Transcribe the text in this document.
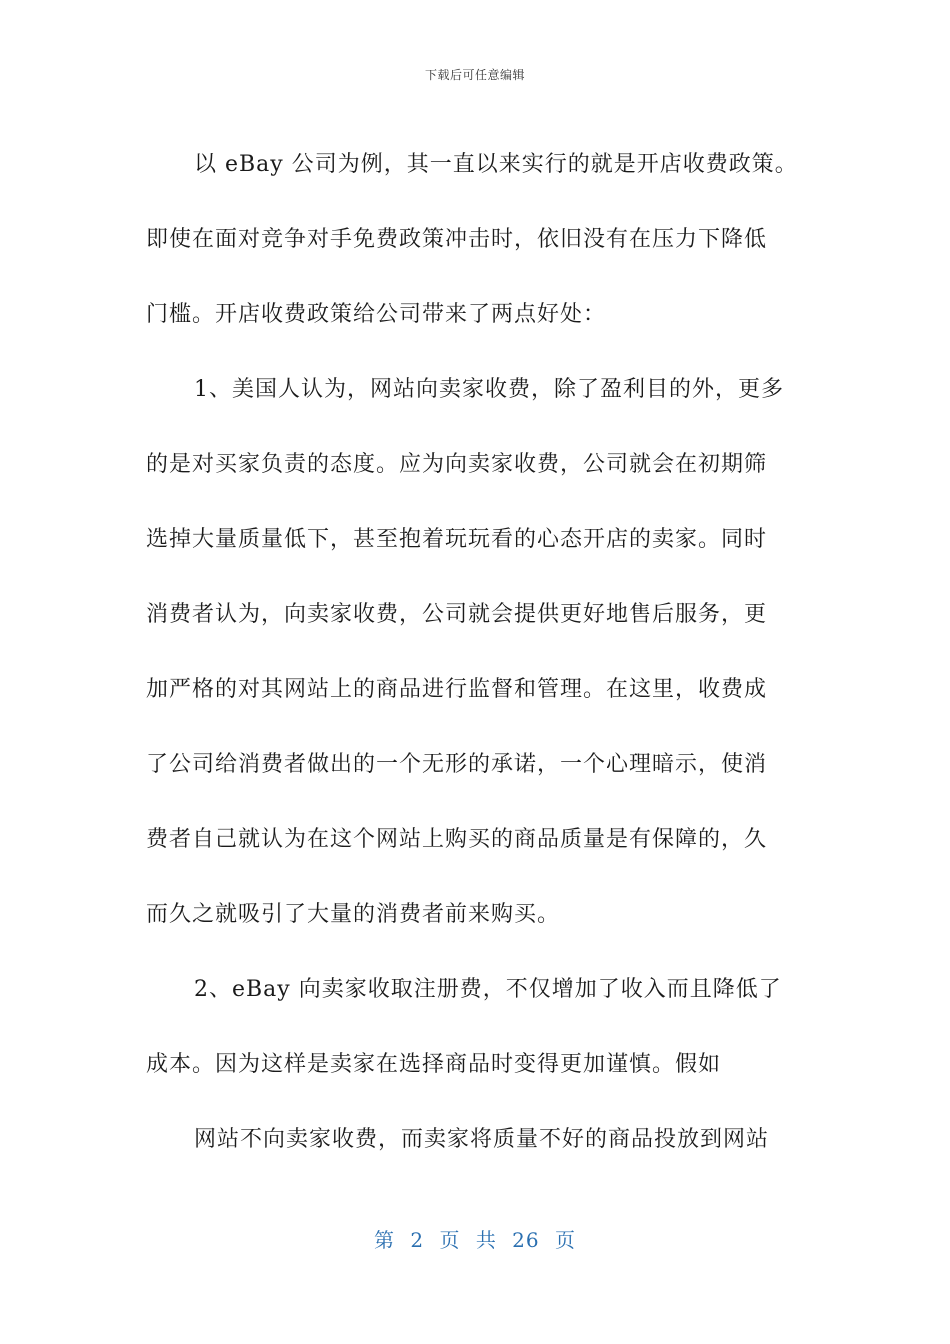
下载后可任意编辑
以 eBay 公司为例，其一直以来实行的就是开店收费政策。
即使在面对竞争对手免费政策冲击时，依旧没有在压力下降低
门槛。开店收费政策给公司带来了两点好处：
1、美国人认为，网站向卖家收费，除了盈利目的外，更多
的是对买家负责的态度。应为向卖家收费，公司就会在初期筛
选掉大量质量低下，甚至抱着玩玩看的心态开店的卖家。同时
消费者认为，向卖家收费，公司就会提供更好地售后服务，更
加严格的对其网站上的商品进行监督和管理。在这里，收费成
了公司给消费者做出的一个无形的承诺，一个心理暗示，使消
费者自己就认为在这个网站上购买的商品质量是有保障的，久
而久之就吸引了大量的消费者前来购买。
2、eBay 向卖家收取注册费，不仅增加了收入而且降低了
成本。因为这样是卖家在选择商品时变得更加谨慎。假如
网站不向卖家收费，而卖家将质量不好的商品投放到网站
第 2 页 共 26 页
